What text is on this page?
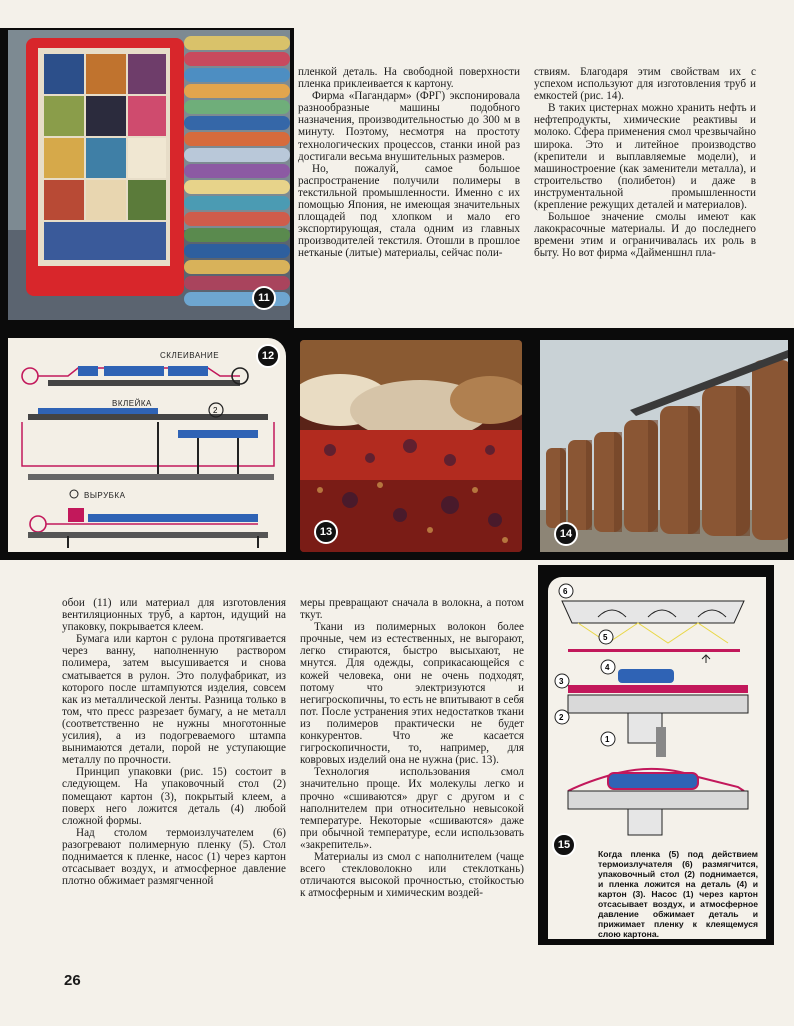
11

пленкой деталь. На свободной поверхности пленка приклеивается к картону.

Фирма «Пагандарм» (ФРГ) экспонировала разнообразные машины подобного назначения, производительностью до 300 м в минуту. Поэтому, несмотря на простоту технологических процессов, станки иной раз достигали весьма внушительных размеров.

Но, пожалуй, самое большое распространение получили полимеры в текстильной промышленности. Именно с их помощью Япония, не имеющая значительных площадей под хлопком и мало его экспортирующая, стала одним из главных производителей текстиля. Отошли в прошлое нетканые (литые) материалы, сейчас поли-

ствиям. Благодаря этим свойствам их с успехом используют для изготовления труб и емкостей (рис. 14).

В таких цистернах можно хранить нефть и нефтепродукты, химические реактивы и молоко. Сфера применения смол чрезвычайно широка. Это и литейное производство (крепители и выплавляемые модели), и машиностроение (как заменители металла), и строительство (полибетон) и даже в инструментальной промышленности (крепление режущих деталей и материалов).

Большое значение смолы имеют как лакокрасочные материалы. И до последнего времени этим и ограничивалась их роль в быту. Но вот фирма «Дайменшнл пла-

СКЛЕИВАНИЕ
ВКЛЕЙКА
2
ВЫРУБКА
12
13	14

обои (11) или материал для изготовления вентиляционных труб, а картон, идущий на упаковку, покрывается клеем.

Бумага или картон с рулона протягивается через ванну, наполненную раствором полимера, затем высушивается и снова сматывается в рулон. Это полуфабрикат, из которого после штампуются изделия, совсем как из металлической ленты. Разница только в том, что пресс разрезает бумагу, а не металл (соответственно не нужны многотонные усилия), а из подогреваемого штампа вынимаются детали, порой не уступающие металлу по прочности.

Принцип упаковки (рис. 15) состоит в следующем. На упаковочный стол (2) помещают картон (3), покрытый клеем, а поверх него ложится деталь (4) любой сложной формы.

Над столом термоизлучателем (6) разогревают полимерную пленку (5). Стол поднимается к пленке, насос (1) через картон отсасывает воздух, и атмосферное давление плотно обжимает размягченной

меры превращают сначала в волокна, а потом ткут.

Ткани из полимерных волокон более прочные, чем из естественных, не выгорают, легко стираются, быстро высыхают, не мнутся. Для одежды, соприкасающейся с кожей человека, они не очень подходят, потому что электризуются и негигроскопичны, то есть не впитывают в себя пот. После устранения этих недостатков ткани из полимеров практически не будет конкурентов. Что же касается гигроскопичности, то, например, для ковровых изделий она не нужна (рис. 13).

Технология использования смол значительно проще. Их молекулы легко и прочно «сшиваются» друг с другом и с наполнителем при относительно невысокой температуре. Некоторые «сшиваются» даже при обычной температуре, если использовать «закрепитель».

Материалы из смол с наполнителем (чаще всего стекловолокно или стеклоткань) отличаются высокой прочностью, стойкостью к атмосферным и химическим воздей-

6
5
4
3
2
1
15
Когда пленка (5) под действием термоизлучателя (6) размягчится, упаковочный стол (2) поднимается, и пленка ложится на деталь (4) и картон (3). Насос (1) через картон отсасывает воздух, и атмосферное давление обжимает деталь и прижимает пленку к клеящемуся слою картона.
26
